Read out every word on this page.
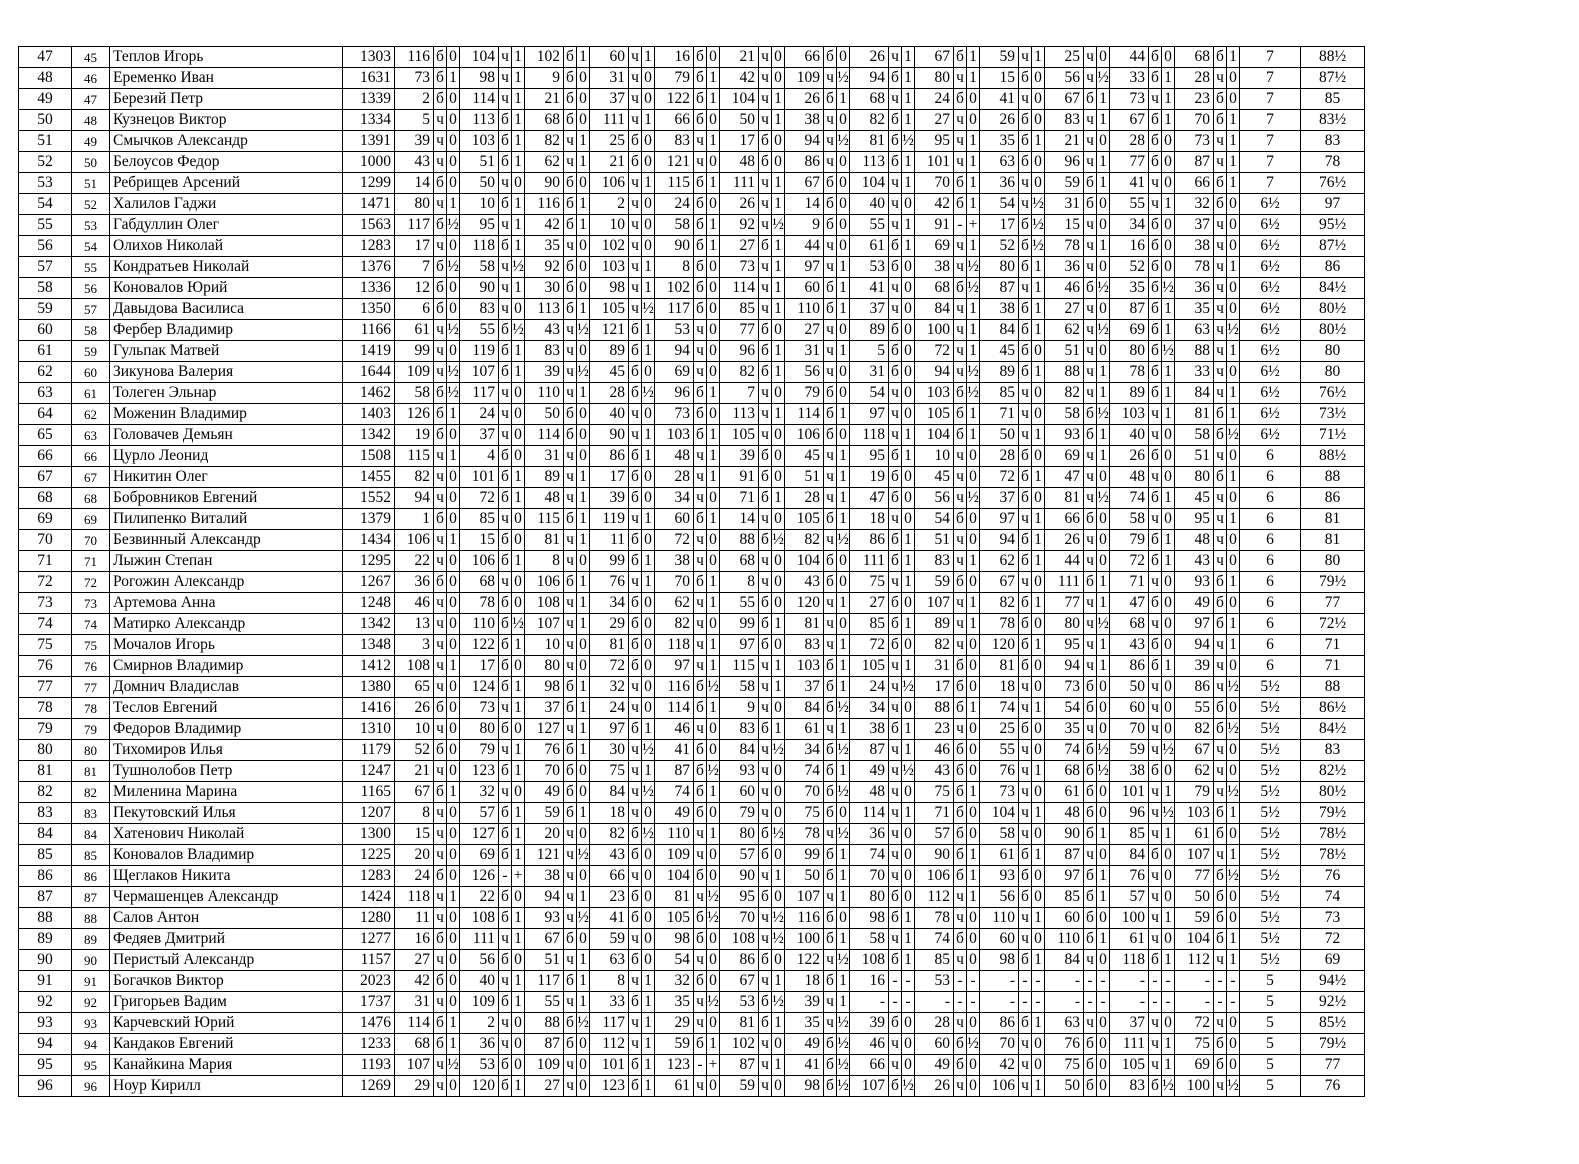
47	45	Теплов Игорь	1303	116	б	0	104	ч	1	102	б	1	60	ч	1	16	б	0	21	ч	0	66	б	0	26	ч	1	67	б	1	59	ч	1	25	ч	0	44	б	0	68	б	1	7	88½
48	46	Еременко Иван	1631	73	б	1	98	ч	1	9	б	0	31	ч	0	79	б	1	42	ч	0	109	ч	½	94	б	1	80	ч	1	15	б	0	56	ч	½	33	б	1	28	ч	0	7	87½
49	47	Березий Петр	1339	2	б	0	114	ч	1	21	б	0	37	ч	0	122	б	1	104	ч	1	26	б	1	68	ч	1	24	б	0	41	ч	0	67	б	1	73	ч	1	23	б	0	7	85
50	48	Кузнецов Виктор	1334	5	ч	0	113	б	1	68	б	0	111	ч	1	66	б	0	50	ч	1	38	ч	0	82	б	1	27	ч	0	26	б	0	83	ч	1	67	б	1	70	б	1	7	83½
51	49	Смычков Александр	1391	39	ч	0	103	б	1	82	ч	1	25	б	0	83	ч	1	17	б	0	94	ч	½	81	б	½	95	ч	1	35	б	1	21	ч	0	28	б	0	73	ч	1	7	83
52	50	Белоусов Федор	1000	43	ч	0	51	б	1	62	ч	1	21	б	0	121	ч	0	48	б	0	86	ч	0	113	б	1	101	ч	1	63	б	0	96	ч	1	77	б	0	87	ч	1	7	78
53	51	Ребрищев Арсений	1299	14	б	0	50	ч	0	90	б	0	106	ч	1	115	б	1	111	ч	1	67	б	0	104	ч	1	70	б	1	36	ч	0	59	б	1	41	ч	0	66	б	1	7	76½
54	52	Халилов Гаджи	1471	80	ч	1	10	б	1	116	б	1	2	ч	0	24	б	0	26	ч	1	14	б	0	40	ч	0	42	б	1	54	ч	½	31	б	0	55	ч	1	32	б	0	6½	97
55	53	Габдуллин Олег	1563	117	б	½	95	ч	1	42	б	1	10	ч	0	58	б	1	92	ч	½	9	б	0	55	ч	1	91	-	+	17	б	½	15	ч	0	34	б	0	37	ч	0	6½	95½
56	54	Олихов Николай	1283	17	ч	0	118	б	1	35	ч	0	102	ч	0	90	б	1	27	б	1	44	ч	0	61	б	1	69	ч	1	52	б	½	78	ч	1	16	б	0	38	ч	0	6½	87½
57	55	Кондратьев Николай	1376	7	б	½	58	ч	½	92	б	0	103	ч	1	8	б	0	73	ч	1	97	ч	1	53	б	0	38	ч	½	80	б	1	36	ч	0	52	б	0	78	ч	1	6½	86
58	56	Коновалов Юрий	1336	12	б	0	90	ч	1	30	б	0	98	ч	1	102	б	0	114	ч	1	60	б	1	41	ч	0	68	б	½	87	ч	1	46	б	½	35	б	½	36	ч	0	6½	84½
59	57	Давыдова Василиса	1350	6	б	0	83	ч	0	113	б	1	105	ч	½	117	б	0	85	ч	1	110	б	1	37	ч	0	84	ч	1	38	б	1	27	ч	0	87	б	1	35	ч	0	6½	80½
60	58	Фербер Владимир	1166	61	ч	½	55	б	½	43	ч	½	121	б	1	53	ч	0	77	б	0	27	ч	0	89	б	0	100	ч	1	84	б	1	62	ч	½	69	б	1	63	ч	½	6½	80½
61	59	Гульпак Матвей	1419	99	ч	0	119	б	1	83	ч	0	89	б	1	94	ч	0	96	б	1	31	ч	1	5	б	0	72	ч	1	45	б	0	51	ч	0	80	б	½	88	ч	1	6½	80
62	60	Зикунова Валерия	1644	109	ч	½	107	б	1	39	ч	½	45	б	0	69	ч	0	82	б	1	56	ч	0	31	б	0	94	ч	½	89	б	1	88	ч	1	78	б	1	33	ч	0	6½	80
63	61	Толеген Эльнар	1462	58	б	½	117	ч	0	110	ч	1	28	б	½	96	б	1	7	ч	0	79	б	0	54	ч	0	103	б	½	85	ч	0	82	ч	1	89	б	1	84	ч	1	6½	76½
64	62	Моженин Владимир	1403	126	б	1	24	ч	0	50	б	0	40	ч	0	73	б	0	113	ч	1	114	б	1	97	ч	0	105	б	1	71	ч	0	58	б	½	103	ч	1	81	б	1	6½	73½
65	63	Головачев Демьян	1342	19	б	0	37	ч	0	114	б	0	90	ч	1	103	б	1	105	ч	0	106	б	0	118	ч	1	104	б	1	50	ч	1	93	б	1	40	ч	0	58	б	½	6½	71½
66	66	Цурло Леонид	1508	115	ч	1	4	б	0	31	ч	0	86	б	1	48	ч	1	39	б	0	45	ч	1	95	б	1	10	ч	0	28	б	0	69	ч	1	26	б	0	51	ч	0	6	88½
67	67	Никитин Олег	1455	82	ч	0	101	б	1	89	ч	1	17	б	0	28	ч	1	91	б	0	51	ч	1	19	б	0	45	ч	0	72	б	1	47	ч	0	48	ч	0	80	б	1	6	88
68	68	Бобровников Евгений	1552	94	ч	0	72	б	1	48	ч	1	39	б	0	34	ч	0	71	б	1	28	ч	1	47	б	0	56	ч	½	37	б	0	81	ч	½	74	б	1	45	ч	0	6	86
69	69	Пилипенко Виталий	1379	1	б	0	85	ч	0	115	б	1	119	ч	1	60	б	1	14	ч	0	105	б	1	18	ч	0	54	б	0	97	ч	1	66	б	0	58	ч	0	95	ч	1	6	81
70	70	Безвинный Александр	1434	106	ч	1	15	б	0	81	ч	1	11	б	0	72	ч	0	88	б	½	82	ч	½	86	б	1	51	ч	0	94	б	1	26	ч	0	79	б	1	48	ч	0	6	81
71	71	Лыжин Степан	1295	22	ч	0	106	б	1	8	ч	0	99	б	1	38	ч	0	68	ч	0	104	б	0	111	б	1	83	ч	1	62	б	1	44	ч	0	72	б	1	43	ч	0	6	80
72	72	Рогожин Александр	1267	36	б	0	68	ч	0	106	б	1	76	ч	1	70	б	1	8	ч	0	43	б	0	75	ч	1	59	б	0	67	ч	0	111	б	1	71	ч	0	93	б	1	6	79½
73	73	Артемова Анна	1248	46	ч	0	78	б	0	108	ч	1	34	б	0	62	ч	1	55	б	0	120	ч	1	27	б	0	107	ч	1	82	б	1	77	ч	1	47	б	0	49	б	0	6	77
74	74	Матирко Александр	1342	13	ч	0	110	б	½	107	ч	1	29	б	0	82	ч	0	99	б	1	81	ч	0	85	б	1	89	ч	1	78	б	0	80	ч	½	68	ч	0	97	б	1	6	72½
75	75	Мочалов Игорь	1348	3	ч	0	122	б	1	10	ч	0	81	б	0	118	ч	1	97	б	0	83	ч	1	72	б	0	82	ч	0	120	б	1	95	ч	1	43	б	0	94	ч	1	6	71
76	76	Смирнов Владимир	1412	108	ч	1	17	б	0	80	ч	0	72	б	0	97	ч	1	115	ч	1	103	б	1	105	ч	1	31	б	0	81	б	0	94	ч	1	86	б	1	39	ч	0	6	71
77	77	Домнич Владислав	1380	65	ч	0	124	б	1	98	б	1	32	ч	0	116	б	½	58	ч	1	37	б	1	24	ч	½	17	б	0	18	ч	0	73	б	0	50	ч	0	86	ч	½	5½	88
78	78	Теслов Евгений	1416	26	б	0	73	ч	1	37	б	1	24	ч	0	114	б	1	9	ч	0	84	б	½	34	ч	0	88	б	1	74	ч	1	54	б	0	60	ч	0	55	б	0	5½	86½
79	79	Федоров Владимир	1310	10	ч	0	80	б	0	127	ч	1	97	б	1	46	ч	0	83	б	1	61	ч	1	38	б	1	23	ч	0	25	б	0	35	ч	0	70	ч	0	82	б	½	5½	84½
80	80	Тихомиров Илья	1179	52	б	0	79	ч	1	76	б	1	30	ч	½	41	б	0	84	ч	½	34	б	½	87	ч	1	46	б	0	55	ч	0	74	б	½	59	ч	½	67	ч	0	5½	83
81	81	Тушнолобов Петр	1247	21	ч	0	123	б	1	70	б	0	75	ч	1	87	б	½	93	ч	0	74	б	1	49	ч	½	43	б	0	76	ч	1	68	б	½	38	б	0	62	ч	0	5½	82½
82	82	Миленина Марина	1165	67	б	1	32	ч	0	49	б	0	84	ч	½	74	б	1	60	ч	0	70	б	½	48	ч	0	75	б	1	73	ч	0	61	б	0	101	ч	1	79	ч	½	5½	80½
83	83	Пекутовский Илья	1207	8	ч	0	57	б	1	59	б	1	18	ч	0	49	б	0	79	ч	0	75	б	0	114	ч	1	71	б	0	104	ч	1	48	б	0	96	ч	½	103	б	1	5½	79½
84	84	Хатенович Николай	1300	15	ч	0	127	б	1	20	ч	0	82	б	½	110	ч	1	80	б	½	78	ч	½	36	ч	0	57	б	0	58	ч	0	90	б	1	85	ч	1	61	б	0	5½	78½
85	85	Коновалов Владимир	1225	20	ч	0	69	б	1	121	ч	½	43	б	0	109	ч	0	57	б	0	99	б	1	74	ч	0	90	б	1	61	б	1	87	ч	0	84	б	0	107	ч	1	5½	78½
86	86	Щеглаков Никита	1283	24	б	0	126	-	+	38	ч	0	66	ч	0	104	б	0	90	ч	1	50	б	1	70	ч	0	106	б	1	93	б	0	97	б	1	76	ч	0	77	б	½	5½	76
87	87	Чермашенцев Александр	1424	118	ч	1	22	б	0	94	ч	1	23	б	0	81	ч	½	95	б	0	107	ч	1	80	б	0	112	ч	1	56	б	0	85	б	1	57	ч	0	50	б	0	5½	74
88	88	Салов Антон	1280	11	ч	0	108	б	1	93	ч	½	41	б	0	105	б	½	70	ч	½	116	б	0	98	б	1	78	ч	0	110	ч	1	60	б	0	100	ч	1	59	б	0	5½	73
89	89	Федяев Дмитрий	1277	16	б	0	111	ч	1	67	б	0	59	ч	0	98	б	0	108	ч	½	100	б	1	58	ч	1	74	б	0	60	ч	0	110	б	1	61	ч	0	104	б	1	5½	72
90	90	Перистый Александр	1157	27	ч	0	56	б	0	51	ч	1	63	б	0	54	ч	0	86	б	0	122	ч	½	108	б	1	85	ч	0	98	б	1	84	ч	0	118	б	1	112	ч	1	5½	69
91	91	Богачков Виктор	2023	42	б	0	40	ч	1	117	б	1	8	ч	1	32	б	0	67	ч	1	18	б	1	16	-	-	53	-	-	-	-	-	-	-	-	-	-	-	-	-	-	5	94½
92	92	Григорьев Вадим	1737	31	ч	0	109	б	1	55	ч	1	33	б	1	35	ч	½	53	б	½	39	ч	1	-	-	-	-	-	-	-	-	-	-	-	-	-	-	-	-	-	-	5	92½
93	93	Карчевский Юрий	1476	114	б	1	2	ч	0	88	б	½	117	ч	1	29	ч	0	81	б	1	35	ч	½	39	б	0	28	ч	0	86	б	1	63	ч	0	37	ч	0	72	ч	0	5	85½
94	94	Кандаков Евгений	1233	68	б	1	36	ч	0	87	б	0	112	ч	1	59	б	1	102	ч	0	49	б	½	46	ч	0	60	б	½	70	ч	0	76	б	0	111	ч	1	75	б	0	5	79½
95	95	Канайкина Мария	1193	107	ч	½	53	б	0	109	ч	0	101	б	1	123	-	+	87	ч	1	41	б	½	66	ч	0	49	б	0	42	ч	0	75	б	0	105	ч	1	69	б	0	5	77
96	96	Ноур Кирилл	1269	29	ч	0	120	б	1	27	ч	0	123	б	1	61	ч	0	59	ч	0	98	б	½	107	б	½	26	ч	0	106	ч	1	50	б	0	83	б	½	100	ч	½	5	76
